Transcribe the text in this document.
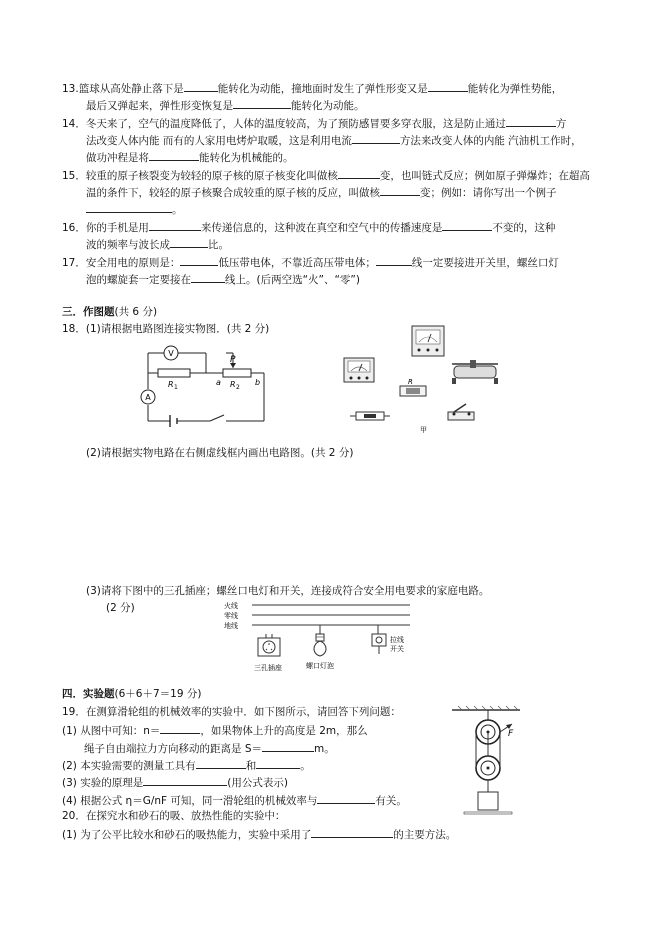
13.篮球从高处静止落下是	能转化为动能，撞地面时发生了弹性形变又是	能转化为弹性势能，
最后又弹起来，弹性形变恢复是	能转化为动能。
14．冬天来了，空气的温度降低了，人体的温度较高，为了预防感冒要多穿衣服，这是防止通过	方
法改变人体内能 而有的人家用电烤炉取暖，这是利用电流	方法来改变人体的内能 汽油机工作时，
做功冲程是将	能转化为机械能的。
15．较重的原子核裂变为较轻的原子核的原子核变化叫做核	变，也叫链式反应；例如原子弹爆炸；在超高
温的条件下，较轻的原子核聚合成较重的原子核的反应，叫做核	变；例如：请你写出一个例子
。
16．你的手机是用	来传递信息的，这种波在真空和空气中的传播速度是	不变的，这种
波的频率与波长成	比。
17．安全用电的原则是：	低压带电体，不靠近高压带电体；	线一定要接进开关里，螺丝口灯
泡的螺旋套一定要接在	线上。(后两空选“火”、“零”)
三．作图题(共 6 分)
18．(1)请根据电路图连接实物图．(共 2 分)
V
A
R 1	R 2
P
a	b	R
甲
(2)请根据实物电路在右侧虚线框内画出电路图。(共 2 分)
(3)请将下图中的三孔插座；螺丝口电灯和开关，连接成符合安全用电要求的家庭电路。
(2 分)	火线
零线
地线
三孔插座	螺口灯泡
拉线
开关
四．实验题(6＋6＋7＝19 分)
19．在测算滑轮组的机械效率的实验中．如下图所示，请回答下列问题：
(1) 从图中可知：n＝	，如果物体上升的高度是 2m，那么
绳子自由端拉力方向移动的距离是 S＝	m。
(2) 本实验需要的测量工具有	和	。
(3) 实验的原理是	(用公式表示)
(4) 根据公式 η＝G/nF 可知，同一滑轮组的机械效率与	有关。
F
20．在探究水和砂石的吸、放热性能的实验中：
(1) 为了公平比较水和砂石的吸热能力，实验中采用了	的主要方法。
